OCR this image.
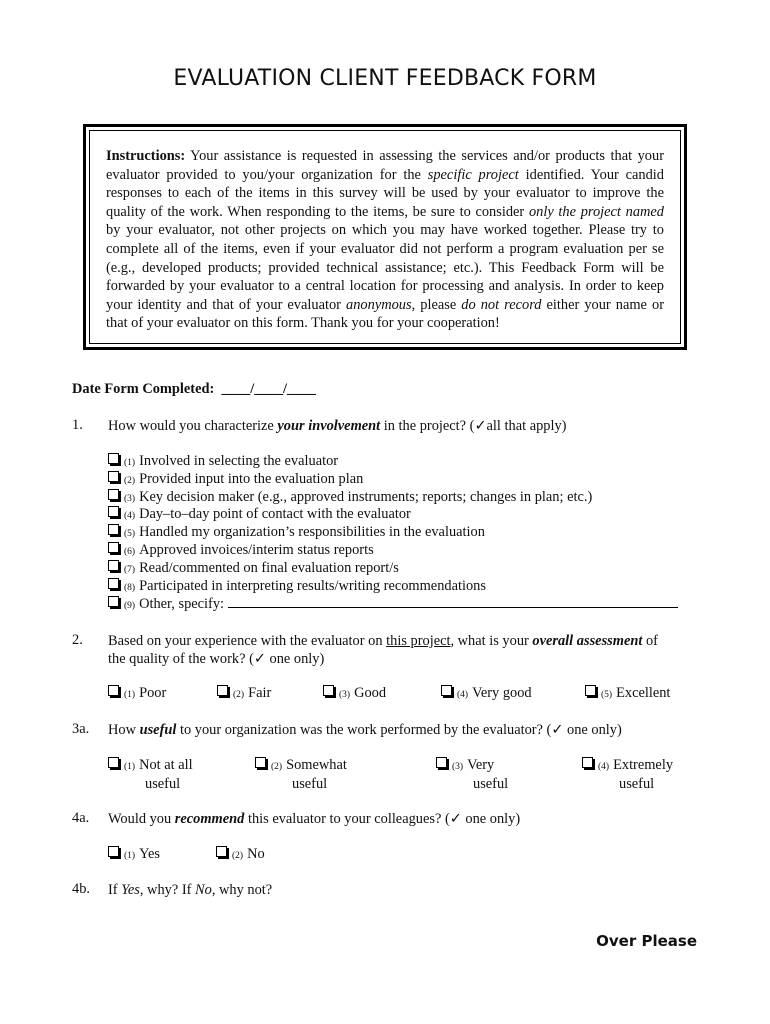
EVALUATION CLIENT FEEDBACK FORM
Instructions: Your assistance is requested in assessing the services and/or products that your evaluator provided to you/your organization for the specific project identified. Your candid responses to each of the items in this survey will be used by your evaluator to improve the quality of the work. When responding to the items, be sure to consider only the project named by your evaluator, not other projects on which you may have worked together. Please try to complete all of the items, even if your evaluator did not perform a program evaluation per se (e.g., developed products; provided technical assistance; etc.). This Feedback Form will be forwarded by your evaluator to a central location for processing and analysis. In order to keep your identity and that of your evaluator anonymous, please do not record either your name or that of your evaluator on this form. Thank you for your cooperation!
Date Form Completed: ____/____/____
1. How would you characterize your involvement in the project? (✓all that apply)
(1) Involved in selecting the evaluator
(2) Provided input into the evaluation plan
(3) Key decision maker (e.g., approved instruments; reports; changes in plan; etc.)
(4) Day–to–day point of contact with the evaluator
(5) Handled my organization’s responsibilities in the evaluation
(6) Approved invoices/interim status reports
(7) Read/commented on final evaluation report/s
(8) Participated in interpreting results/writing recommendations
(9) Other, specify:
2. Based on your experience with the evaluator on this project, what is your overall assessment of
the quality of the work? (✓ one only)
(1) Poor	(2) Fair	(3) Good	(4) Very good	(5) Excellent
3a. How useful to your organization was the work performed by the evaluator? (✓ one only)
(1) Not at all
useful
(2) Somewhat
useful
(3) Very
useful
(4) Extremely
useful
4a. Would you recommend this evaluator to your colleagues? (✓ one only)
(1) Yes	(2) No
4b. If Yes, why? If No, why not?
Over Please
